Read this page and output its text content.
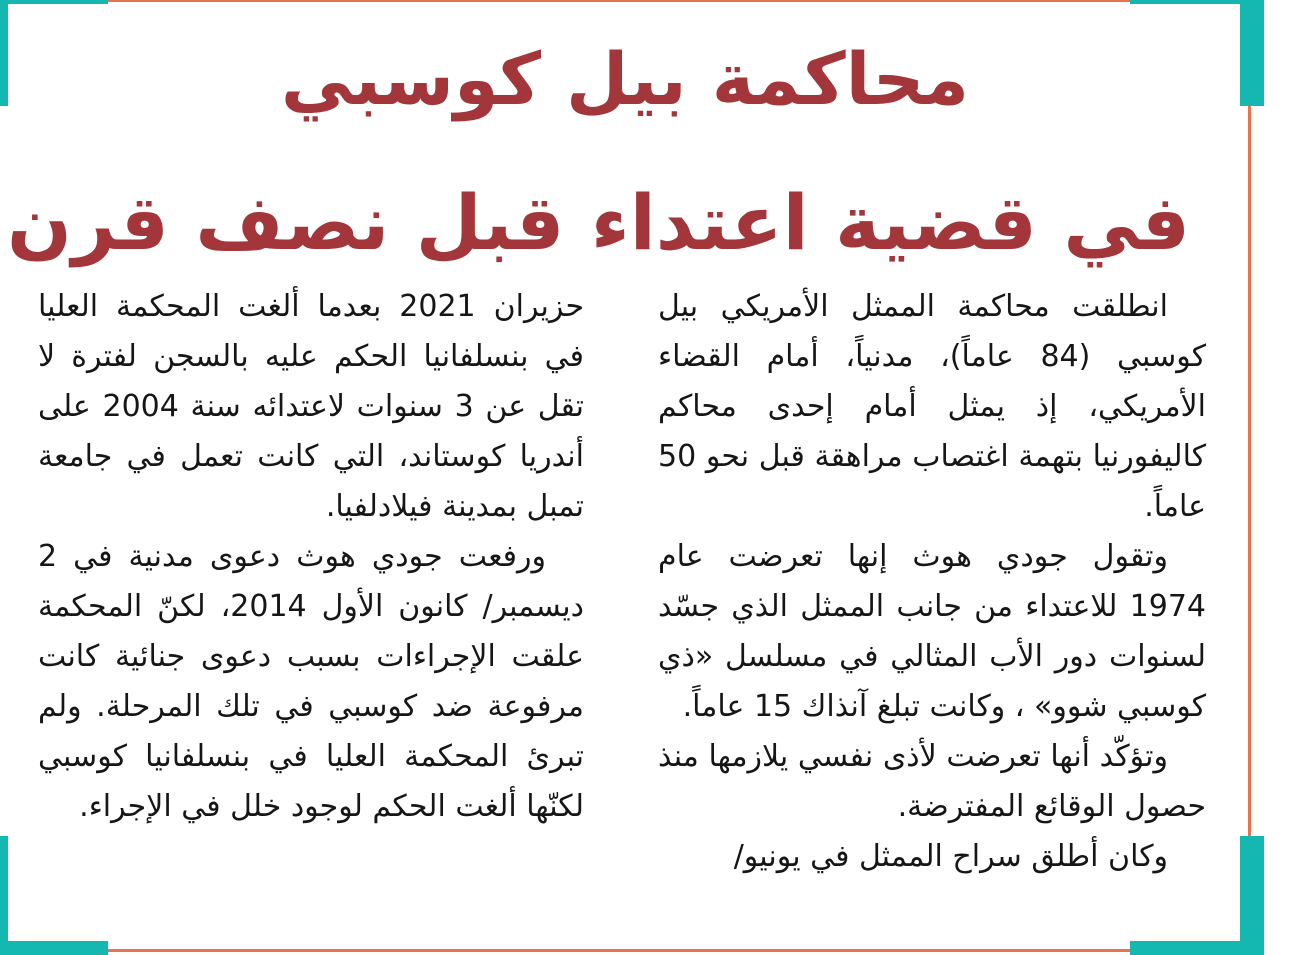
محاكمة بيل كوسبي
في قضية اعتداء قبل نصف قرن

انطلقت محاكمة الممثل الأمريكي بيل كوسبي (84 عاماً)، مدنياً، أمام القضاء الأمريكي، إذ يمثل أمام إحدى محاكم كاليفورنيا بتهمة اغتصاب مراهقة قبل نحو 50 عاماً.

وتقول جودي هوث إنها تعرضت عام 1974 للاعتداء من جانب الممثل الذي جسّد لسنوات دور الأب المثالي في مسلسل «ذي كوسبي شوو» ، وكانت تبلغ آنذاك 15 عاماً.

وتؤكّد أنها تعرضت لأذى نفسي يلازمها منذ حصول الوقائع المفترضة.

وكان أطلق سراح الممثل في يونيو/

حزيران 2021 بعدما ألغت المحكمة العليا في بنسلفانيا الحكم عليه بالسجن لفترة لا تقل عن 3 سنوات لاعتدائه سنة 2004 على أندريا كوستاند، التي كانت تعمل في جامعة تمبل بمدينة فيلادلفيا.

ورفعت جودي هوث دعوى مدنية في 2 ديسمبر/ كانون الأول 2014، لكنّ المحكمة علقت الإجراءات بسبب دعوى جنائية كانت مرفوعة ضد كوسبي في تلك المرحلة. ولم تبرئ المحكمة العليا في بنسلفانيا كوسبي لكنّها ألغت الحكم لوجود خلل في الإجراء.
